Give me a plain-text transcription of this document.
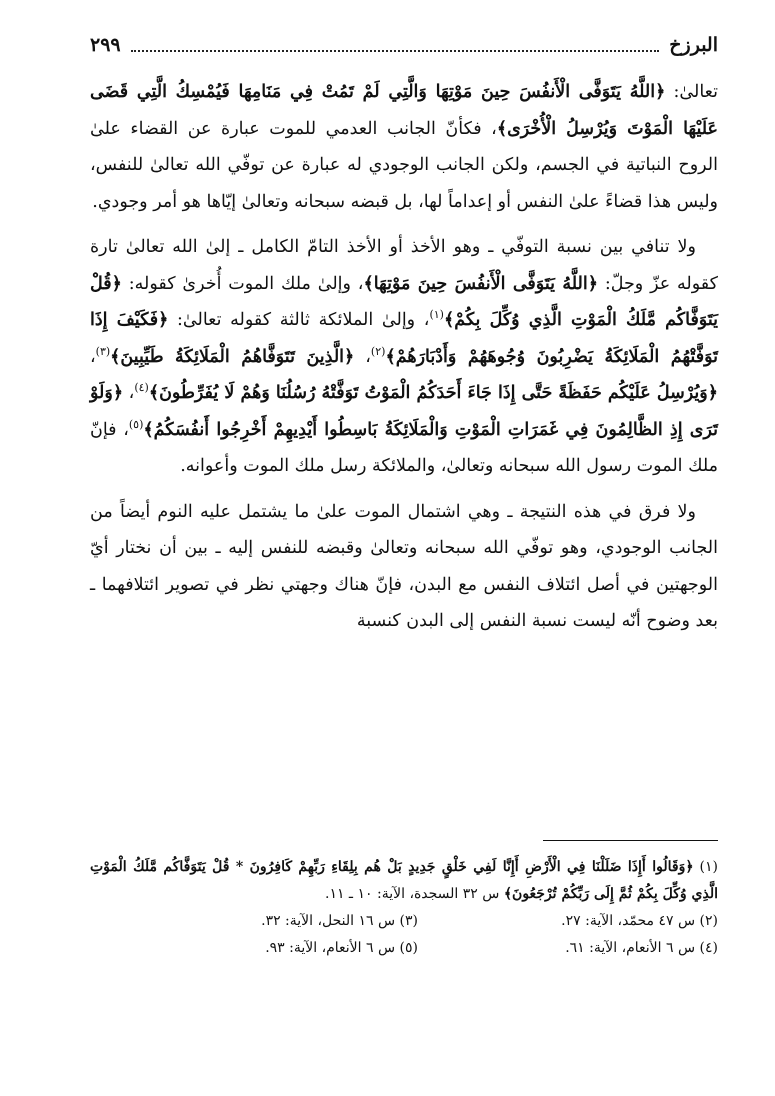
البرزخ
٢٩٩

تعالىٰ: ﴿اللَّهُ يَتَوَفَّى الْأَنفُسَ حِينَ مَوْتِهَا وَالَّتِي لَمْ تَمُتْ فِي مَنَامِهَا فَيُمْسِكُ الَّتِي قَضَى عَلَيْهَا الْمَوْتَ وَيُرْسِلُ الْأُخْرَى﴾، فكأنّ الجانب العدمي للموت عبارة عن القضاء علىٰ الروح النباتية في الجسم، ولكن الجانب الوجودي له عبارة عن توفّي الله تعالىٰ للنفس، وليس هذا قضاءً علىٰ النفس أو إعداماً لها، بل قبضه سبحانه وتعالىٰ إيّاها هو أمر وجودي.

ولا تنافي بين نسبة التوفّي ـ وهو الأخذ أو الأخذ التامّ الكامل ـ إلىٰ الله تعالىٰ تارة كقوله عزّ وجلّ: ﴿اللَّهُ يَتَوَفَّى الْأَنفُسَ حِينَ مَوْتِهَا﴾، وإلىٰ ملك الموت أُخرىٰ كقوله: ﴿قُلْ يَتَوَفَّاكُم مَّلَكُ الْمَوْتِ الَّذِي وُكِّلَ بِكُمْ﴾$^{(١)}$، وإلىٰ الملائكة ثالثة كقوله تعالىٰ: ﴿فَكَيْفَ إِذَا تَوَفَّتْهُمُ الْمَلَائِكَةُ يَضْرِبُونَ وُجُوهَهُمْ وَأَدْبَارَهُمْ﴾$^{(٢)}$، ﴿الَّذِينَ تَتَوَفَّاهُمُ الْمَلَائِكَةُ طَيِّبِينَ﴾$^{(٣)}$، ﴿وَيُرْسِلُ عَلَيْكُم حَفَظَةً حَتَّى إِذَا جَاءَ أَحَدَكُمُ الْمَوْتُ تَوَفَّتْهُ رُسُلُنَا وَهُمْ لَا يُفَرِّطُونَ﴾$^{(٤)}$، ﴿وَلَوْ تَرَى إِذِ الظَّالِمُونَ فِي غَمَرَاتِ الْمَوْتِ وَالْمَلَائِكَةُ بَاسِطُوا أَيْدِيهِمْ أَخْرِجُوا أَنفُسَكُمُ﴾$^{(٥)}$، فإنّ ملك الموت رسول الله سبحانه وتعالىٰ، والملائكة رسل ملك الموت وأعوانه.

ولا فرق في هذه النتيجة ـ وهي اشتمال الموت علىٰ ما يشتمل عليه النوم أيضاً من الجانب الوجودي، وهو توفّي الله سبحانه وتعالىٰ وقبضه للنفس إليه ـ بين أن نختار أيّ الوجهتين في أصل ائتلاف النفس مع البدن، فإنّ هناك وجهتي نظر في تصوير ائتلافهما ـ بعد وضوح أنّه ليست نسبة النفس إلى البدن كنسبة

(١) ﴿وَقَالُوا أَإِذَا ضَلَلْنَا فِي الْأَرْضِ أَإِنَّا لَفِي خَلْقٍ جَدِيدٍ بَلْ هُم بِلِقَاءِ رَبِّهِمْ كَافِرُونَ * قُلْ يَتَوَفَّاكُم مَّلَكُ الْمَوْتِ الَّذِي وُكِّلَ بِكُمْ ثُمَّ إِلَى رَبِّكُمْ تُرْجَعُونَ﴾ س ٣٢ السجدة، الآية: ١٠ ـ ١١.

(٢) س ٤٧ محمّد، الآية: ٢٧.
(٣) س ١٦ النحل، الآية: ٣٢.
(٤) س ٦ الأنعام، الآية: ٦١.
(٥) س ٦ الأنعام، الآية: ٩٣.
